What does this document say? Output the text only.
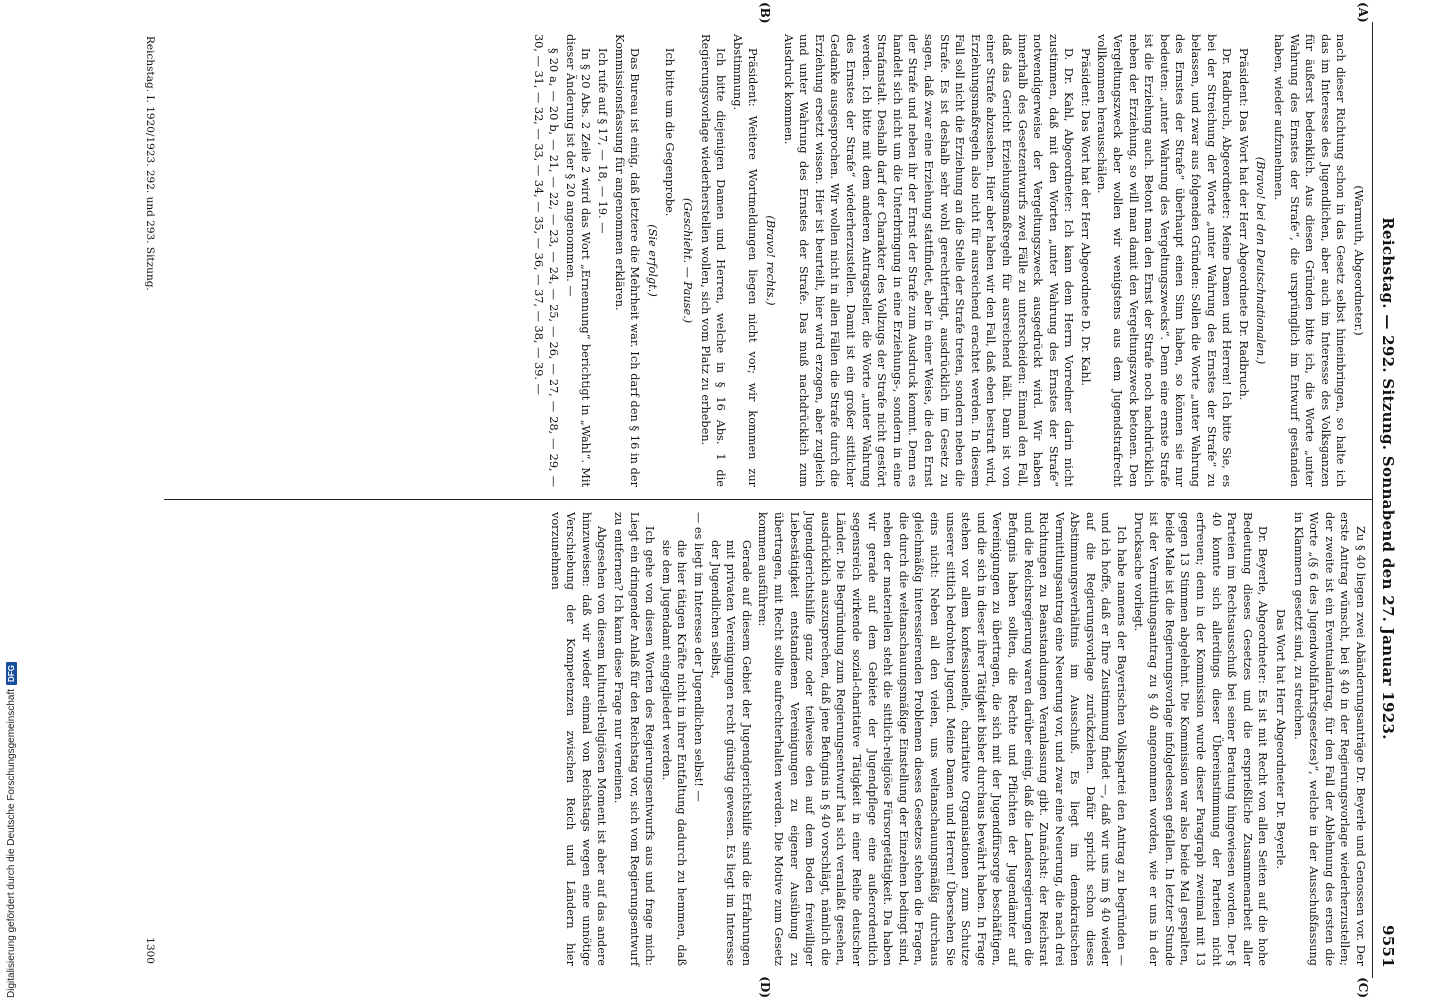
Reichstag. — 292. Sitzung. Sonnabend den 27. Januar 1923.
9551
(A)
(B)

(Warmuth, Abgeordneter.)

nach dieser Richtung schon in das Gesetz selbst hineinbringen, so halte ich das im Interesse des Jugendlichen, aber auch im Interesse des Volksganzen für äußerst bedenklich. Aus diesen Gründen bitte ich, die Worte „unter Wahrung des Ernstes der Strafe“, die ursprünglich im Entwurf gestanden haben, wieder aufzunehmen.

(Bravo! bei den Deutschnationalen.)

Präsident: Das Wort hat der Herr Abgeordnete Dr. Radbruch.

Dr. Radbruch, Abgeordneter: Meine Damen und Herren! Ich bitte Sie, es bei der Streichung der Worte „unter Wahrung des Ernstes der Strafe“ zu belassen, und zwar aus folgenden Gründen: Sollen die Worte „unter Wahrung des Ernstes der Strafe“ überhaupt einen Sinn haben, so können sie nur bedeuten: „unter Wahrung des Vergeltungszwecks“. Denn eine ernste Strafe ist die Erziehung auch. Betont man den Ernst der Strafe noch nachdrücklich neben der Erziehung, so will man damit den Vergeltungszweck betonen. Den Vergeltungszweck aber wollen wir wenigstens aus dem Jugendstrafrecht vollkommen herausschälen.

Präsident: Das Wort hat der Herr Abgeordnete D. Dr. Kahl.

D. Dr. Kahl, Abgeordneter: Ich kann dem Herrn Vorredner darin nicht zustimmen, daß mit den Worten „unter Wahrung des Ernstes der Strafe“ notwendigerweise der Vergeltungszweck ausgedrückt wird. Wir haben innerhalb des Gesetzentwurfs zwei Fälle zu unterscheiden: Einmal den Fall, daß das Gericht Erziehungsmaßregeln für ausreichend hält. Dann ist von einer Strafe abzusehen. Hier aber haben wir den Fall, daß eben bestraft wird, Erziehungsmaßregeln also nicht für ausreichend erachtet werden. In diesem Fall soll nicht die Erziehung an die Stelle der Strafe treten, sondern neben die Strafe. Es ist deshalb sehr wohl gerechtfertigt, ausdrücklich im Gesetz zu sagen, daß zwar eine Erziehung stattfindet, aber in einer Weise, die den Ernst der Strafe und neben ihr der Ernst der Strafe zum Ausdruck kommt. Denn es handelt sich nicht um die Unterbringung in eine Erziehungs-, sondern in eine Strafanstalt. Deshalb darf der Charakter des Vollzugs der Strafe nicht gestört werden. Ich bitte mit dem anderen Antragsteller, die Worte „unter Wahrung des Ernstes der Strafe“ wiederherzustellen. Damit ist ein großer sittlicher Gedanke ausgesprochen. Wir wollen nicht in allen Fällen die Strafe durch die Erziehung ersetzt wissen. Hier ist beurteilt, hier wird erzogen, aber zugleich und unter Wahrung des Ernstes der Strafe. Das muß nachdrücklich zum Ausdruck kommen.

(Bravo! rechts.)

Präsident: Weitere Wortmeldungen liegen nicht vor; wir kommen zur Abstimmung.

Ich bitte diejenigen Damen und Herren, welche in § 16 Abs. 1 die Regierungsvorlage wiederherstellen wollen, sich vom Platz zu erheben.

(Geschieht. — Pause.)

Ich bitte um die Gegenprobe.

(Sie erfolgt.)

Das Bureau ist einig, daß letztere die Mehrheit war. Ich darf den § 16 in der Kommissionsfassung für angenommen erklären.

Ich rufe auf § 17, — 18, — 19. —

In § 20 Abs. 2 Zeile 2 wird das Wort „Ernennung“ berichtigt in „Wahl“. Mit dieser Änderung ist der § 20 angenommen. —

§ 20 a, — 20 b, — 21, — 22, — 23, — 24, — 25, — 26, — 27, — 28, — 29, — 30, — 31, — 32, — 33, — 34, — 35, — 36, — 37, — 38, — 39. —

(C)
(D)

Zu § 40 liegen zwei Abänderungsanträge Dr. Beyerle und Genossen vor. Der erste Antrag wünscht, bei § 40 in der Regierungsvorlage wiederherzustellen; der zweite ist ein Eventualantrag, für den Fall der Ablehnung des ersten die Worte „(§ 6 des Jugendwohlfahrtsgesetzes)“, welche in der Ausschußfassung in Klammern gesetzt sind, zu streichen.

Das Wort hat Herr Abgeordneter Dr. Beyerle.

Dr. Beyerle, Abgeordneter: Es ist mit Recht von allen Seiten auf die hohe Bedeutung dieses Gesetzes und die ersprießliche Zusammenarbeit aller Parteien im Rechtsausschuß bei seiner Beratung hingewiesen worden. Der § 40 konnte sich allerdings dieser Übereinstimmung der Parteien nicht erfreuen; denn in der Kommission wurde dieser Paragraph zweimal mit 13 gegen 13 Stimmen abgelehnt. Die Kommission war also beide Mal gespalten, beide Male ist die Regierungsvorlage infolgedessen gefallen. In letzter Stunde ist der Vermittlungsantrag zu § 40 angenommen worden, wie er uns in der Drucksache vorliegt.

Ich habe namens der Bayerischen Volkspartei den Antrag zu begründen — und ich hoffe, daß er Ihre Zustimmung findet —, daß wir uns im § 40 wieder auf die Regierungsvorlage zurückziehen. Dafür spricht schon dieses Abstimmungsverhältnis im Ausschuß. Es liegt im demokratischen Vermittlungsantrag eine Neuerung vor, und zwar eine Neuerung, die nach drei Richtungen zu Beanstandungen Veranlassung gibt. Zunächst: der Reichsrat und die Reichsregierung waren darüber einig, daß die Landesregierungen die Befugnis haben sollten, die Rechte und Pflichten der Jugendämter auf Vereinigungen zu übertragen, die sich mit der Jugendfürsorge beschäftigen, und die sich in dieser ihrer Tätigkeit bisher durchaus bewährt haben. In Frage stehen vor allem konfessionelle, charitative Organisationen zum Schutze unserer sittlich bedrohten Jugend. Meine Damen und Herren! Übersehen Sie eins nicht: Neben all den vielen, uns weltanschauungsmäßig durchaus gleichmäßig interessierenden Problemen dieses Gesetzes stehen die Fragen, die durch die weltanschauungsmäßige Einstellung der Einzelnen bedingt sind, neben der materiellen steht die sittlich-religiöse Fürsorgetätigkeit. Da haben wir gerade auf dem Gebiete der Jugendpflege eine außerordentlich segensreich wirkende sozial-charitative Tätigkeit in einer Reihe deutscher Länder. Die Begründung zum Regierungsentwurf hat sich veranlaßt gesehen, ausdrücklich auszusprechen, daß jene Befugnis in § 40 vorschlägt, nämlich die Jugendgerichtshilfe ganz oder teilweise den auf dem Boden freiwilliger Liebestätigkeit entstandenen Vereinigungen zu eigener Ausübung zu übertragen, mit Recht sollte aufrechterhalten werden. Die Motive zum Gesetz kommen ausführen:

Gerade auf diesem Gebiet der Jugendgerichtshilfe sind die Erfahrungen mit privaten Vereinigungen recht günstig gewesen. Es liegt im Interesse der Jugendlichen selbst,

— es liegt im Interesse der Jugendlichen selbst! —

die hier tätigen Kräfte nicht in ihrer Entfaltung dadurch zu hemmen, daß sie dem Jugendamt eingegliedert werden.

Ich gehe von diesen Worten des Regierungsentwurfs aus und frage mich: Liegt ein dringender Anlaß für den Reichstag vor, sich vom Regierungsentwurf zu entfernen? Ich kann diese Frage nur verneinen.

Abgesehen von diesem kulturell-religiösen Moment ist aber auf das andere hinzuweisen: daß wir wieder einmal von Reichstags wegen eine unnötige Verschiebung der Kompetenzen zwischen Reich und Ländern hier vorzunehmen

Reichstag. I. 1920/1923. 292. und 293. Sitzung.
1300
Digitalisierung gefördert durch die Deutsche Forschungsgemeinschaft
DFG
